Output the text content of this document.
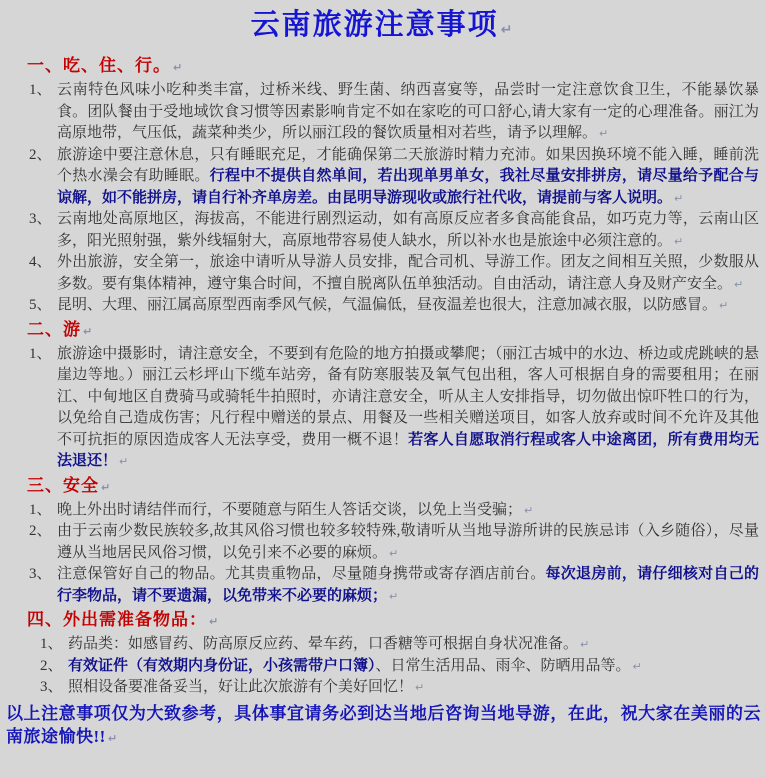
云南旅游注意事项 ↵
一、吃、住、行。 ↵
1、 云南特色风味小吃种类丰富，过桥米线、野生菌、纳西喜宴等，品尝时一定注意饮食卫生，不能暴饮暴食。团队餐由于受地域饮食习惯等因素影响肯定不如在家吃的可口舒心,请大家有一定的心理准备。丽江为高原地带，气压低，蔬菜种类少，所以丽江段的餐饮质量相对若些，请予以理解。 ↵
2、 旅游途中要注意休息，只有睡眠充足，才能确保第二天旅游时精力充沛。如果因换环境不能入睡，睡前洗个热水澡会有助睡眠。行程中不提供自然单间，若出现单男单女，我社尽量安排拼房，请尽量给予配合与谅解，如不能拼房，请自行补齐单房差。由昆明导游现收或旅行社代收，请提前与客人说明。 ↵
3、 云南地处高原地区，海拔高，不能进行剧烈运动，如有高原反应者多食高能食品，如巧克力等，云南山区多，阳光照射强，紫外线辐射大，高原地带容易使人缺水，所以补水也是旅途中必须注意的。 ↵
4、 外出旅游，安全第一，旅途中请听从导游人员安排，配合司机、导游工作。团友之间相互关照，少数服从多数。要有集体精神，遵守集合时间，不擅自脱离队伍单独活动。自由活动，请注意人身及财产安全。 ↵
5、 昆明、大理、丽江属高原型西南季风气候，气温偏低，昼夜温差也很大，注意加减衣服，以防感冒。 ↵
二、游 ↵
1、 旅游途中摄影时，请注意安全，不要到有危险的地方拍摄或攀爬；（丽江古城中的水边、桥边或虎跳峡的悬崖边等地。）丽江云杉坪山下缆车站旁，备有防寒服装及氧气包出租，客人可根据自身的需要租用；在丽江、中甸地区自费骑马或骑牦牛拍照时，亦请注意安全，听从主人安排指导，切勿做出惊吓牲口的行为，以免给自己造成伤害；凡行程中赠送的景点、用餐及一些相关赠送项目，如客人放弃或时间不允许及其他不可抗拒的原因造成客人无法享受，费用一概不退！若客人自愿取消行程或客人中途离团，所有费用均无法退还！ ↵
三、安全 ↵
1、 晚上外出时请结伴而行，不要随意与陌生人答话交谈，以免上当受骗； ↵
2、 由于云南少数民族较多,故其风俗习惯也较多较特殊,敬请听从当地导游所讲的民族忌讳（入乡随俗），尽量遵从当地居民风俗习惯，以免引来不必要的麻烦。 ↵
3、 注意保管好自己的物品。尤其贵重物品，尽量随身携带或寄存酒店前台。每次退房前，请仔细核对自己的行李物品，请不要遗漏，以免带来不必要的麻烦； ↵
四、外出需准备物品： ↵
1、 药品类：如感冒药、防高原反应药、晕车药，口香糖等可根据自身状况准备。 ↵
2、 有效证件（有效期内身份证，小孩需带户口簿）、日常生活用品、雨伞、防晒用品等。 ↵
3、 照相设备要准备妥当，好让此次旅游有个美好回忆！ ↵
以上注意事项仅为大致参考，具体事宜请务必到达当地后咨询当地导游，在此，祝大家在美丽的云南旅途愉快!! ↵
